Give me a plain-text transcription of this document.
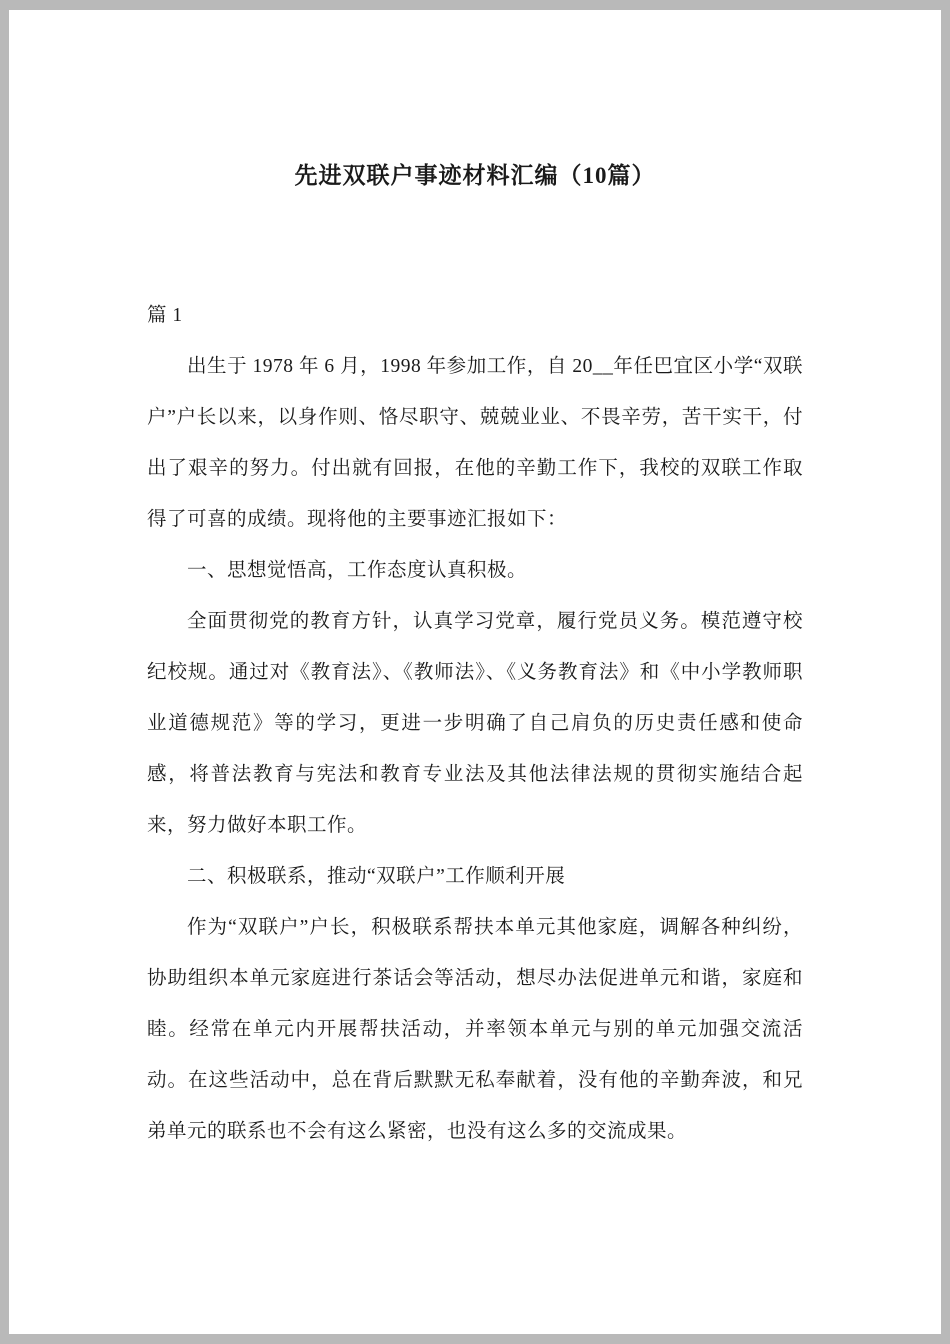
先进双联户事迹材料汇编（10篇）

篇 1

出生于 1978 年 6 月，1998 年参加工作，自 20__年任巴宜区小学“双联户”户长以来，以身作则、恪尽职守、兢兢业业、不畏辛劳，苦干实干，付出了艰辛的努力。付出就有回报，在他的辛勤工作下，我校的双联工作取得了可喜的成绩。现将他的主要事迹汇报如下：

一、思想觉悟高，工作态度认真积极。

全面贯彻党的教育方针，认真学习党章，履行党员义务。模范遵守校纪校规。通过对《教育法》、《教师法》、《义务教育法》和《中小学教师职业道德规范》等的学习，更进一步明确了自己肩负的历史责任感和使命感，将普法教育与宪法和教育专业法及其他法律法规的贯彻实施结合起来，努力做好本职工作。

二、积极联系，推动“双联户”工作顺利开展

作为“双联户”户长，积极联系帮扶本单元其他家庭，调解各种纠纷，协助组织本单元家庭进行茶话会等活动，想尽办法促进单元和谐，家庭和睦。经常在单元内开展帮扶活动，并率领本单元与别的单元加强交流活动。在这些活动中，总在背后默默无私奉献着，没有他的辛勤奔波，和兄弟单元的联系也不会有这么紧密，也没有这么多的交流成果。
